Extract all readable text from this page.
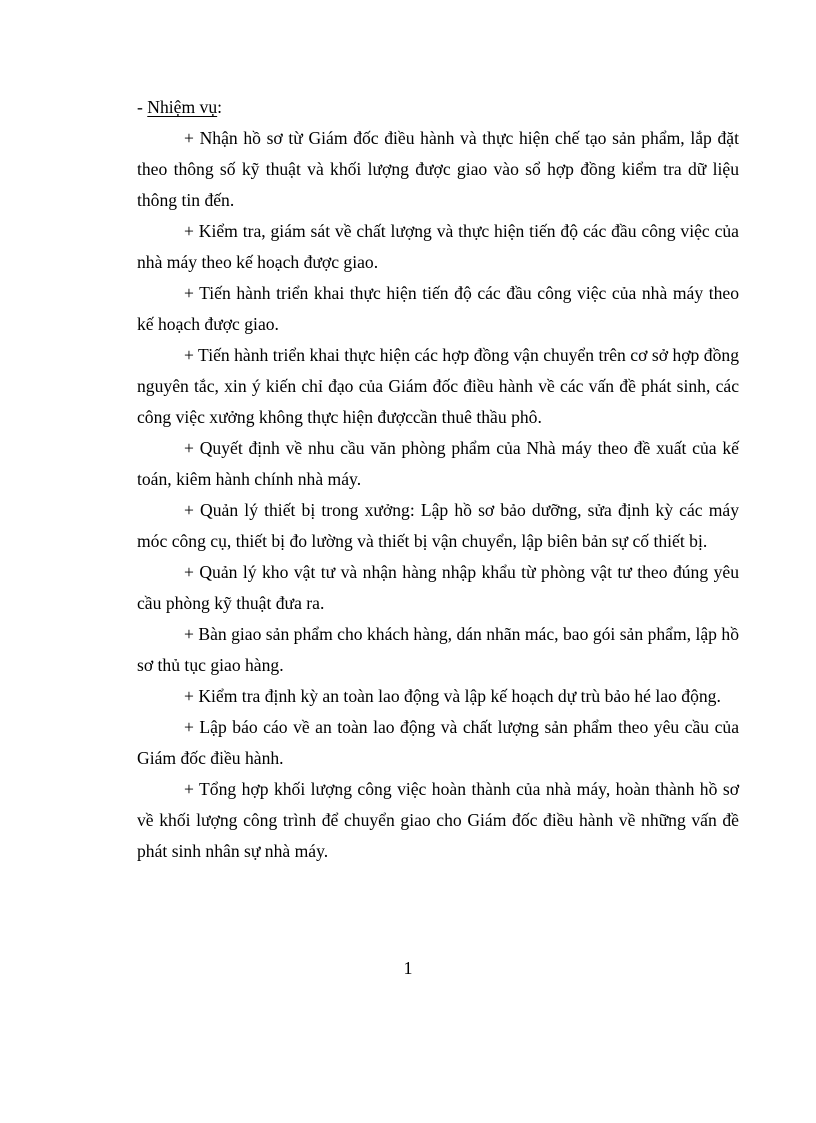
- Nhiệm vụ:

+ Nhận hồ sơ từ Giám đốc điều hành và thực hiện chế tạo sản phẩm, lắp đặt theo thông số kỹ thuật và khối lượng được giao vào sổ hợp đồng kiểm tra dữ liệu thông tin đến.

+ Kiểm tra, giám sát về chất lượng và thực hiện tiến độ các đầu công việc của nhà máy theo kế hoạch được giao.

+ Tiến hành triển khai thực hiện tiến độ các đầu công việc của nhà máy theo kế hoạch được giao.

+ Tiến hành triển khai thực hiện các hợp đồng vận chuyển trên cơ sở hợp đồng nguyên tắc, xin ý kiến chỉ đạo của Giám đốc điều hành về các vấn đề phát sinh, các công việc xưởng không thực hiện đượccần thuê thầu phô.

+ Quyết định về nhu cầu văn phòng phẩm của Nhà máy theo đề xuất của kế toán, kiêm hành chính nhà máy.

+ Quản lý thiết bị trong xưởng: Lập hồ sơ bảo dưỡng, sửa định kỳ các máy móc công cụ, thiết bị đo lường và thiết bị vận chuyển, lập biên bản sự cố thiết bị.

+ Quản lý kho vật tư và nhận hàng nhập khẩu từ phòng vật tư theo đúng yêu cầu phòng kỹ thuật đưa ra.

+ Bàn giao sản phẩm cho khách hàng, dán nhãn mác, bao gói sản phẩm, lập hồ sơ thủ tục giao hàng.

+ Kiểm tra định kỳ an toàn lao động và lập kế hoạch dự trù bảo hé lao động.

+ Lập báo cáo về an toàn lao động và chất lượng sản phẩm theo yêu cầu của Giám đốc điều hành.

+ Tổng hợp khối lượng công việc hoàn thành của nhà máy, hoàn thành hồ sơ về khối lượng công trình để chuyển giao cho Giám đốc điều hành về những vấn đề phát sinh nhân sự nhà máy.

1
